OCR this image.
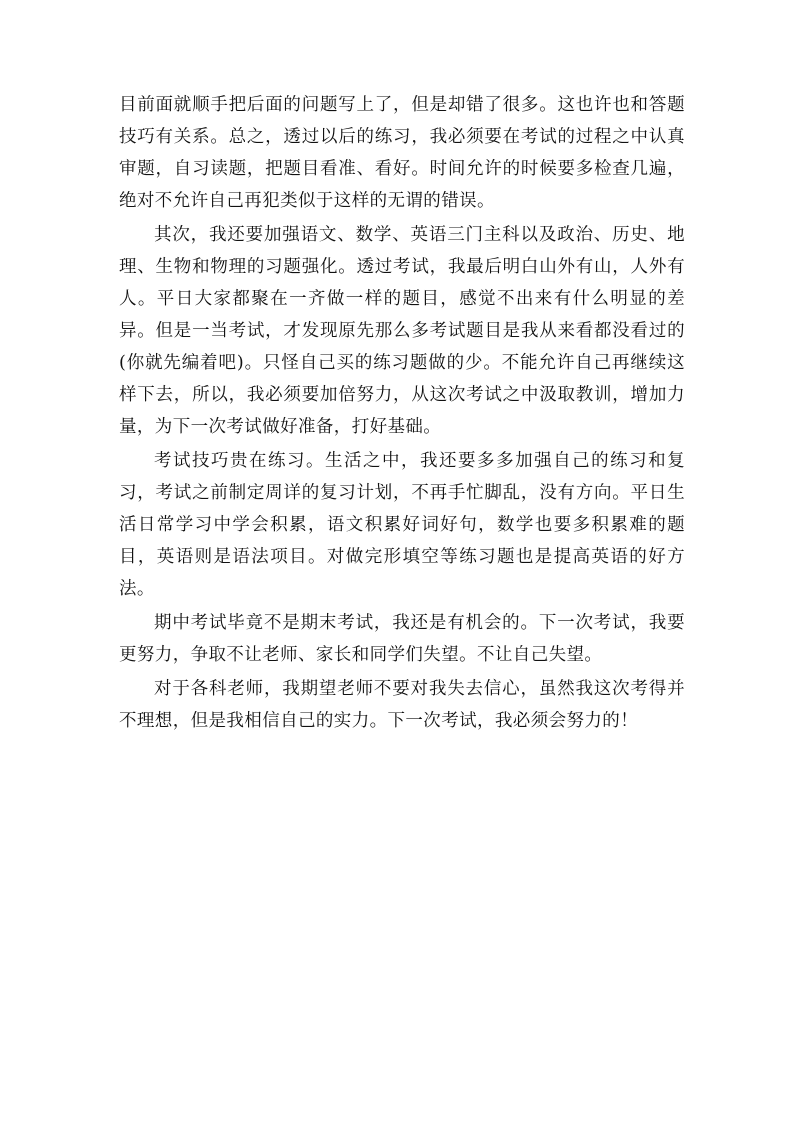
目前面就顺手把后面的问题写上了，但是却错了很多。这也许也和答题技巧有关系。总之，透过以后的练习，我必须要在考试的过程之中认真审题，自习读题，把题目看准、看好。时间允许的时候要多检查几遍，绝对不允许自己再犯类似于这样的无谓的错误。

其次，我还要加强语文、数学、英语三门主科以及政治、历史、地理、生物和物理的习题强化。透过考试，我最后明白山外有山，人外有人。平日大家都聚在一齐做一样的题目，感觉不出来有什么明显的差异。但是一当考试，才发现原先那么多考试题目是我从来看都没看过的(你就先编着吧)。只怪自己买的练习题做的少。不能允许自己再继续这样下去，所以，我必须要加倍努力，从这次考试之中汲取教训，增加力量，为下一次考试做好准备，打好基础。

考试技巧贵在练习。生活之中，我还要多多加强自己的练习和复习，考试之前制定周详的复习计划，不再手忙脚乱，没有方向。平日生活日常学习中学会积累，语文积累好词好句，数学也要多积累难的题目，英语则是语法项目。对做完形填空等练习题也是提高英语的好方法。

期中考试毕竟不是期末考试，我还是有机会的。下一次考试，我要更努力，争取不让老师、家长和同学们失望。不让自己失望。

对于各科老师，我期望老师不要对我失去信心，虽然我这次考得并不理想，但是我相信自己的实力。下一次考试，我必须会努力的！
